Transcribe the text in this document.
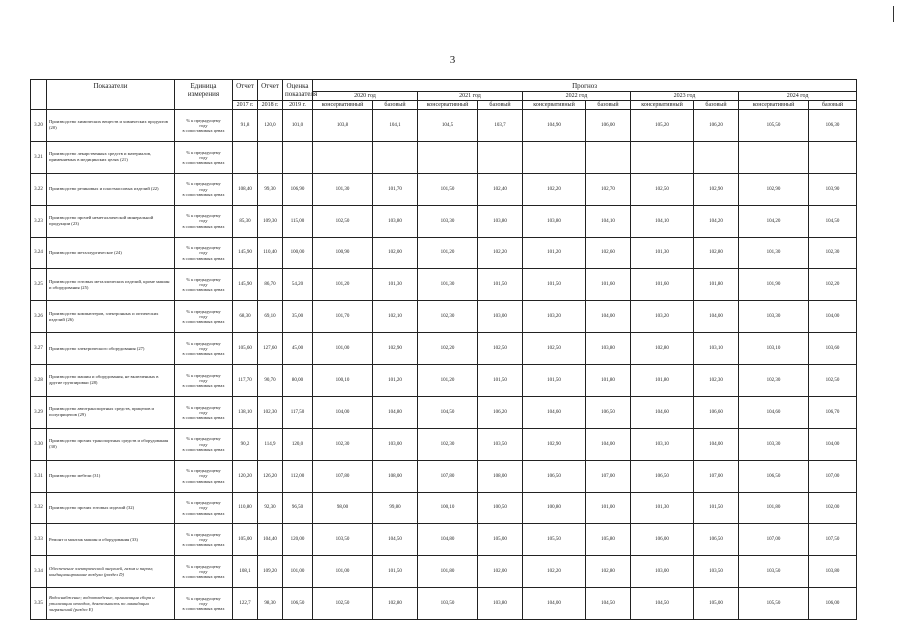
3
	Показатели	Единица измерения	Отчет	Отчет	Оценка показателя	Прогноз									
						2020 год		2021 год		2022 год		2023 год		2024 год	
			2017 г.	2018 г.	2019 г.	консервативный	базовый	консервативный	базовый	консервативный	базовый	консервативный	базовый	консервативный	базовый
3.20	Производство химических веществ и химических продуктов (20)	% к предыдущему
году
в сопоставимых ценах	91,8	120,0	101,0	103,8	104,1	104,5	103,7	104,90	106,00	105,20	106,20	105,50	106,30
3.21	Производство лекарственных средств и материалов, применяемых в медицинских целях (21)	% к предыдущему
году
в сопоставимых ценах													

3.22	Производство резиновых и пластмассовых изделий (22)	% к предыдущему
году
в сопоставимых ценах	108,40	99,30	106,90	101,30	101,70	101,50	102,40	102,20	102,70	102,50	102,90	102,90	103,90
3.23	Производство прочей неметаллической минеральной продукции (23)	% к предыдущему
году
в сопоставимых ценах	85,30	109,30	115,00	102,50	103,80	103,30	103,80	103,80	104,10	104,10	104,20	104,20	104,50
3.24	Производство металлургическое (24)	% к предыдущему
году
в сопоставимых ценах	145,90	110,40	100,00	100,90	102,00	101,20	102,20	101,20	102,60	101,30	102,80	101,30	102,30
3.25	Производство готовых металлических изделий, кроме машин и оборудования (25)	% к предыдущему
году
в сопоставимых ценах	145,90	86,70	54,20	101,20	101,30	101,30	101,50	101,50	101,60	101,60	101,80	101,90	102,20
3.26	Производство компьютеров, электронных и оптических изделий (26)	% к предыдущему
году
в сопоставимых ценах	68,30	69,10	35,00	101,70	102,10	102,30	103,00	103,20	104,00	103,20	104,00	103,30	104,00
3.27	Производство электрического оборудования (27)	% к предыдущему
году
в сопоставимых ценах	105,60	127,60	45,00	101,00	102,90	102,20	102,50	102,50	103,80	102,80	103,10	103,10	103,60
3.28	Производство машин и оборудования, не включенных в другие группировки (28)	% к предыдущему
году
в сопоставимых ценах	117,70	90,70	80,00	100,10	101,20	101,20	101,50	101,50	101,80	101,80	102,30	102,30	102,50
3.29	Производство автотранспортных средств, прицепов и полуприцепов (29)	% к предыдущему
году
в сопоставимых ценах	138,10	102,30	117,50	104,00	104,80	104,50	106,20	104,60	106,50	104,60	106,60	104,60	106,70
3.30	Производство прочих транспортных средств и оборудования (30)	% к предыдущему
году
в сопоставимых ценах	90,2	114,9	120,0	102,30	103,00	102,30	103,50	102,90	104,00	103,10	104,00	103,30	104,00
3.31	Производство мебели (31)	% к предыдущему
году
в сопоставимых ценах	120,20	126,20	112,00	107,80	108,00	107,80	108,00	106,50	107,00	106,50	107,00	106,50	107,00
3.32	Производство прочих готовых изделий (32)	% к предыдущему
году
в сопоставимых ценах	110,80	92,30	96,50	98,00	99,80	100,10	100,50	100,80	101,00	101,30	101,50	101,80	102,00
3.33	Ремонт и монтаж машин и оборудования (33)	% к предыдущему
году
в сопоставимых ценах	105,00	104,40	120,00	103,50	104,50	104,80	105,00	105,50	105,80	106,00	106,50	107,00	107,50
3.34	Обеспечение электрической энергией, газом и паром; кондиционирование воздуха (раздел D)	% к предыдущему
году
в сопоставимых ценах	108,1	109,20	101,00	101,00	101,50	101,80	102,00	102,20	102,80	103,00	103,50	103,50	103,80
3.35	Водоснабжение; водоотведение, организация сбора и утилизации отходов, деятельность по ликвидации загрязнений (раздел E)	% к предыдущему
году
в сопоставимых ценах	122,7	98,30	106,50	102,50	102,80	103,50	103,80	104,00	104,50	104,50	105,00	105,50	106,00
